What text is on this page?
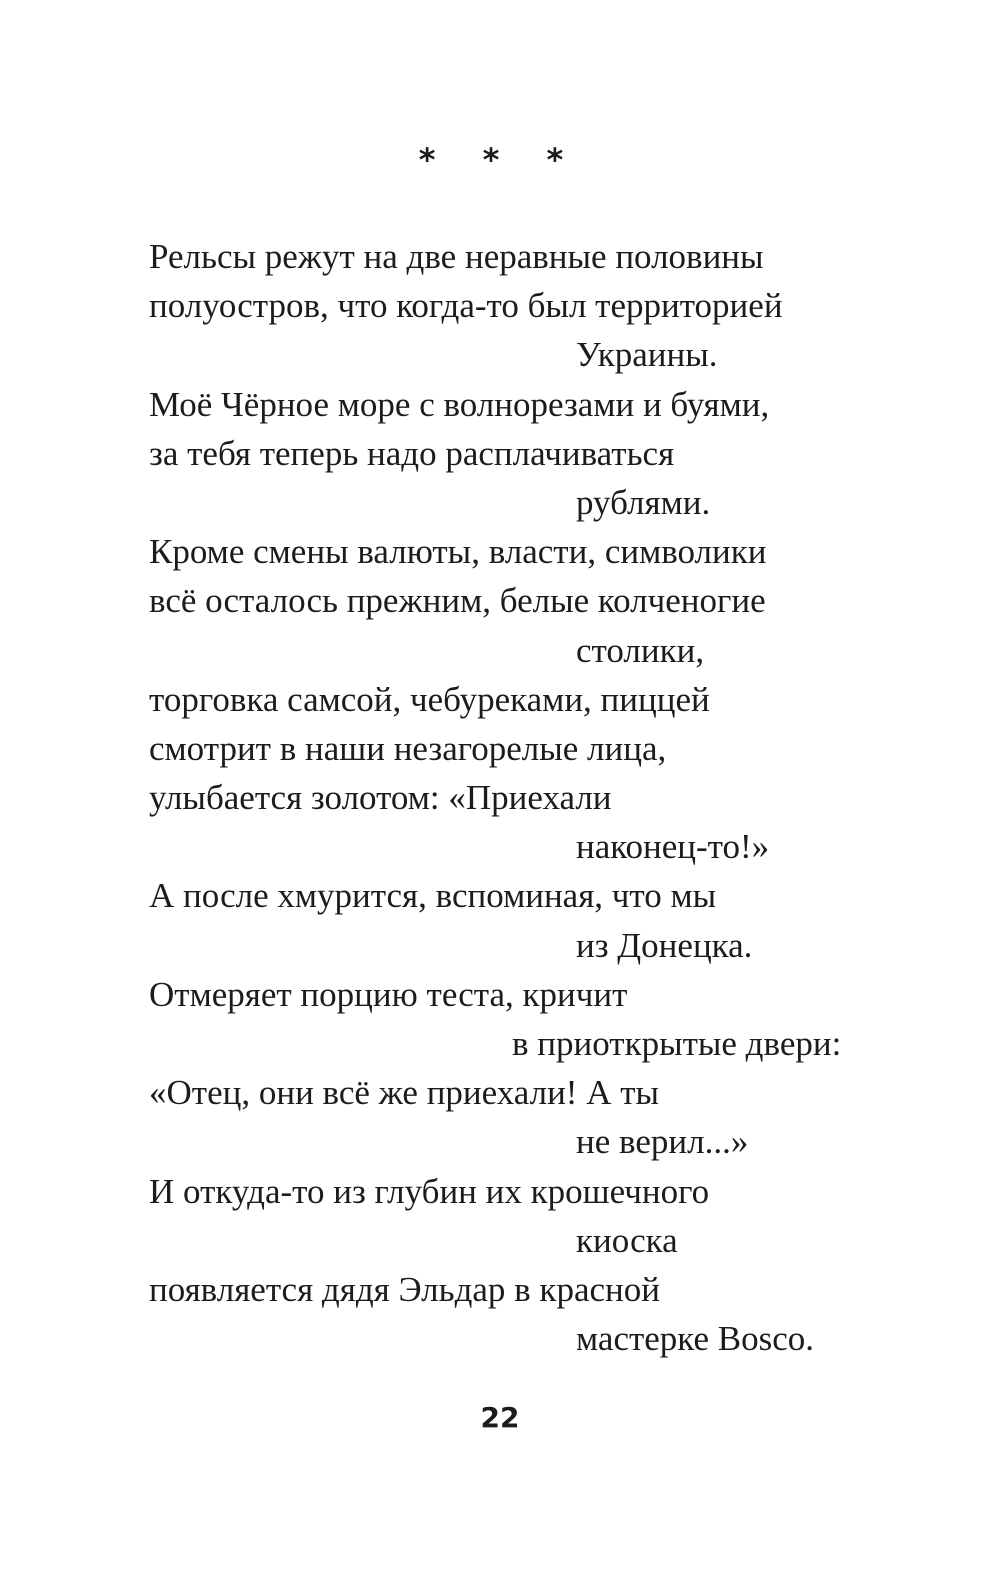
* * *
Рельсы режут на две неравные половины
полуостров, что когда-то был территорией
Украины.
Моё Чёрное море с волнорезами и буями,
за тебя теперь надо расплачиваться
рублями.
Кроме смены валюты, власти, символики
всё осталось прежним, белые колченогие
столики,
торговка самсой, чебуреками, пиццей
смотрит в наши незагорелые лица,
улыбается золотом: «Приехали
наконец-то!»
А после хмурится, вспоминая, что мы
из Донецка.
Отмеряет порцию теста, кричит
в приоткрытые двери:
«Отец, они всё же приехали! А ты
не верил...»
И откуда-то из глубин их крошечного
киоска
появляется дядя Эльдар в красной
мастерке Bosco.
22
